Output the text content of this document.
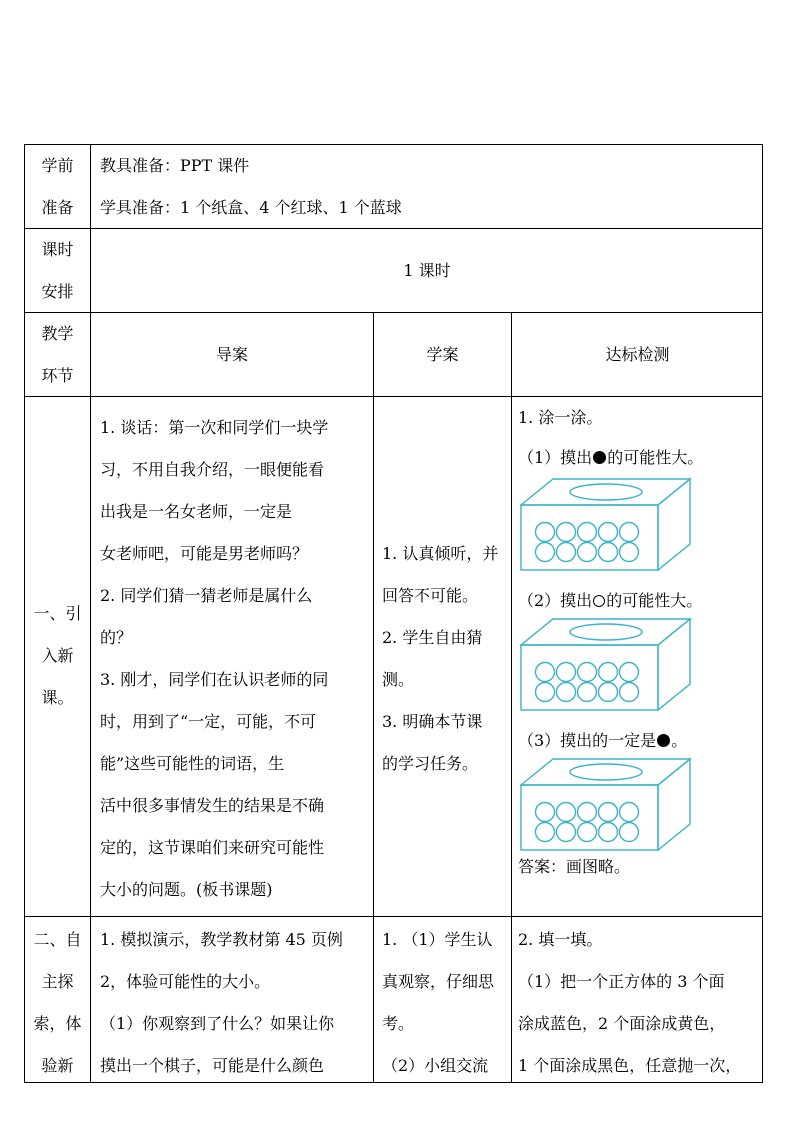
学前
准备
教具准备：PPT 课件
学具准备：1 个纸盒、4 个红球、1 个蓝球
课时
安排
1 课时
教学
环节
导案	学案	达标检测
一、引
入新
课。
1. 谈话：第一次和同学们一块学
习，不用自我介绍，一眼便能看
出我是一名女老师，一定是
女老师吧，可能是男老师吗？
2. 同学们猜一猜老师是属什么
的？
3. 刚才，同学们在认识老师的同
时，用到了“一定，可能，不可
能”这些可能性的词语，生
活中很多事情发生的结果是不确
定的，这节课咱们来研究可能性
大小的问题。(板书课题)
1. 认真倾听，并
回答不可能。
2. 学生自由猜
测。
3. 明确本节课
的学习任务。
1. 涂一涂。
（1）摸出 的可能性大。
（2）摸出 的可能性大。
（3）摸出的一定是 。
答案：画图略。
二、自
主探
索，体
验新
1. 模拟演示，教学教材第 45 页例
2，体验可能性的大小。
（1）你观察到了什么？如果让你
摸出一个棋子，可能是什么颜色
1. （1）学生认
真观察，仔细思
考。
（2）小组交流
2. 填一填。
（1）把一个正方体的 3 个面
涂成蓝色，2 个面涂成黄色，
1 个面涂成黑色，任意抛一次，
